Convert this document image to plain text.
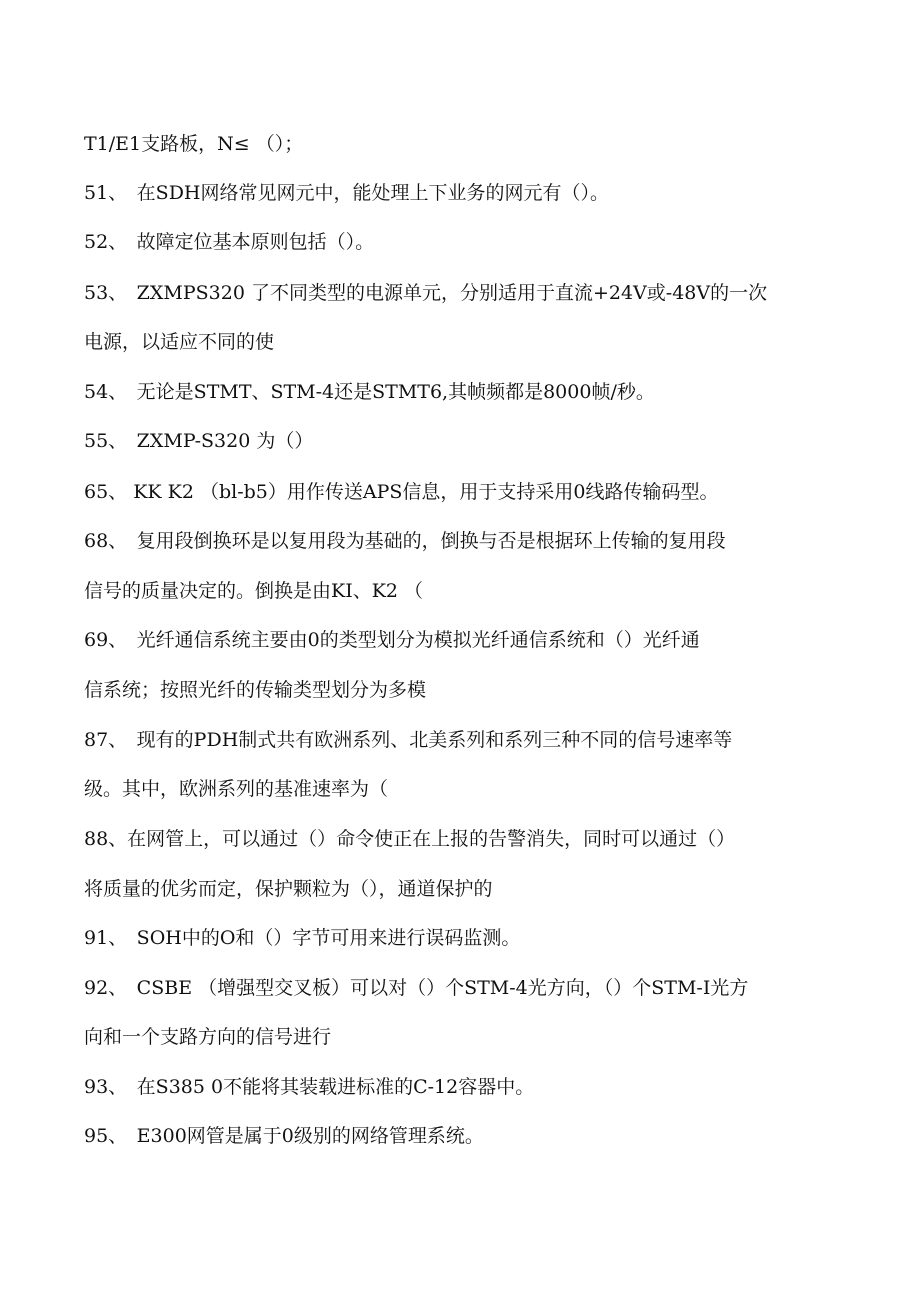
T1/E1支路板，N≤ （）；
51、　在SDH网络常见网元中，能处理上下业务的网元有（）。
52、　故障定位基本原则包括（）。
53、　ZXMPS320 了不同类型的电源单元，分别适用于直流+24V或-48V的一次
电源，以适应不同的使
54、　无论是STMT、STM-4还是STMT6,其帧频都是8000帧/秒。
55、　ZXMP-S320 为（）
65、 KK K2 （bl-b5）用作传送APS信息，用于支持采用0线路传输码型。
68、　复用段倒换环是以复用段为基础的，倒换与否是根据环上传输的复用段
信号的质量决定的。倒换是由KI、K2 （
69、　光纤通信系统主要由0的类型划分为模拟光纤通信系统和（）光纤通
信系统；按照光纤的传输类型划分为多模
87、　现有的PDH制式共有欧洲系列、北美系列和系列三种不同的信号速率等
级。其中，欧洲系列的基准速率为（
88、在网管上，可以通过（）命令使正在上报的告警消失，同时可以通过（）
将质量的优劣而定，保护颗粒为（），通道保护的
91、　SOH中的O和（）字节可用来进行误码监测。
92、　CSBE （增强型交叉板）可以对（）个STM-4光方向，（）个STM-I光方
向和一个支路方向的信号进行
93、　在S385 0不能将其装载进标准的C-12容器中。
95、　E300网管是属于0级别的网络管理系统。
